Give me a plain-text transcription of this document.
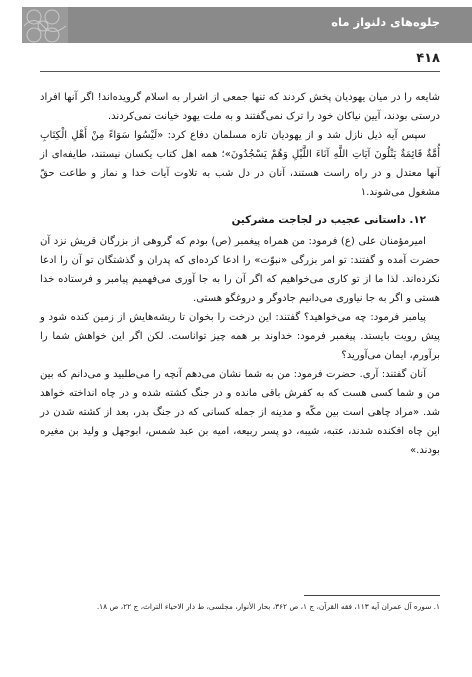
جلوه‌های دلنواز ماه
۴۱۸

شایعه را در میان یهودیان پخش کردند که تنها جمعی از اشرار به اسلام گرویده‌اند! اگر آنها افراد درستی بودند، آیین نیاکان خود را ترک نمی‌گفتند و به ملت یهود خیانت نمی‌کردند.

سپس آیه ذیل نازل شد و از یهودیان تازه مسلمان دفاع کرد: «لَیْسُوا سَوَاءً مِنْ أَهْلِ الْکِتَابِ أُمَّةٌ قَائِمَةٌ یَتْلُونَ آیَاتِ اللَّهِ آنَاءَ اللَّیْلِ وَهُمْ یَسْجُدُونَ»؛ همه اهل کتاب یکسان نیستند، طایفه‌ای از آنها معتدل و در راه راست هستند، آنان در دل شب به تلاوت آیات خدا و نماز و طاعت حقّ مشغول می‌شوند.۱

۱۲. داستانی عجیب در لجاجت مشرکین

امیرمؤمنان علی (ع) فرمود: من همراه پیغمبر (ص) بودم که گروهی از بزرگان قریش نزد آن حضرت آمده و گفتند: تو امر بزرگی «نبوّت» را ادعا کرده‌ای که پدران و گذشتگان تو آن را ادعا نکرده‌اند. لذا ما از تو کاری می‌خواهیم که اگر آن را به جا آوری می‌فهمیم پیامبر و فرستاده خدا هستی و اگر به جا نیاوری می‌دانیم جادوگر و دروغگو هستی.

پیامبر فرمود: چه می‌خواهید؟ گفتند: این درخت را بخوان تا ریشه‌هایش از زمین کنده شود و پیش رویت بایستد. پیغمبر فرمود: خداوند بر همه چیز تواناست. لکن اگر این خواهش شما را برآورم، ایمان می‌آورید؟

آنان گفتند: آری. حضرت فرمود: من به شما نشان می‌دهم آنچه را می‌طلبید و می‌دانم که بین من و شما کسی هست که به کفرش باقی مانده و در جنگ کشته شده و در چاه انداخته خواهد شد. «مراد چاهی است بین مکّه و مدینه از جمله کسانی که در جنگ بدر، بعد از کشته شدن در این چاه افکنده شدند، عتبه، شیبه، دو پسر ربیعه، امیه بن عبد شمس، ابوجهل و ولید بن مغیره بودند.»

۱. سوره آل عمران آیه ۱۱۳، فقه القرآن، ج ۱، ص ۳۶۲، بحار الأنوار، مجلسی، ط دار الاحیاء التراث، ج ۲۲، ص ۱۸.
